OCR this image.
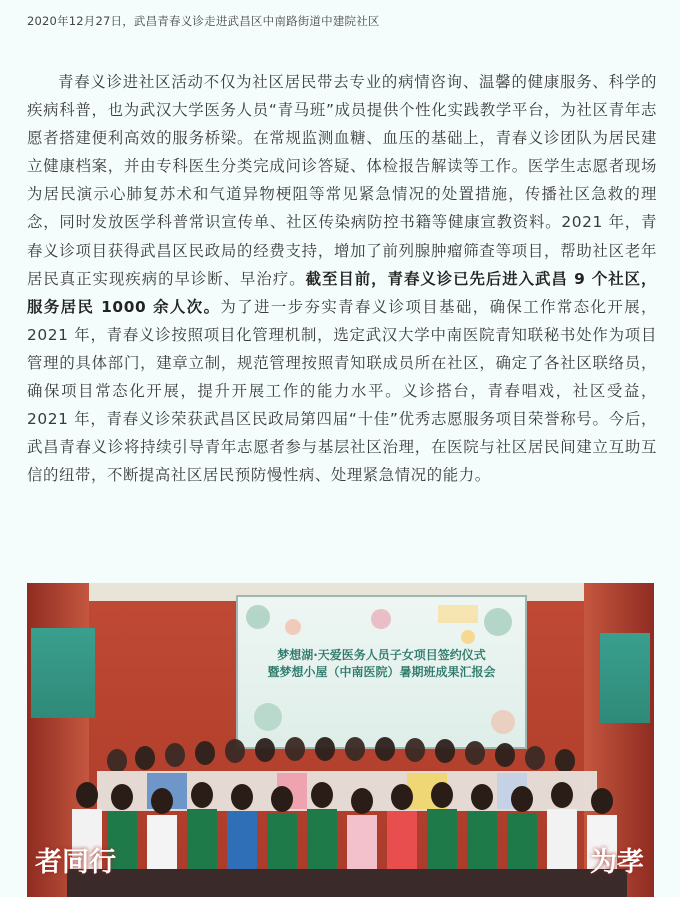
2020年12月27日，武昌青春义诊走进武昌区中南路街道中建院社区

青春义诊进社区活动不仅为社区居民带去专业的病情咨询、温馨的健康服务、科学的疾病科普，也为武汉大学医务人员“青马班”成员提供个性化实践教学平台，为社区青年志愿者搭建便利高效的服务桥梁。在常规监测血糖、血压的基础上，青春义诊团队为居民建立健康档案，并由专科医生分类完成问诊答疑、体检报告解读等工作。医学生志愿者现场为居民演示心肺复苏术和气道异物梗阻等常见紧急情况的处置措施，传播社区急救的理念，同时发放医学科普常识宣传单、社区传染病防控书籍等健康宣教资料。2021 年，青春义诊项目获得武昌区民政局的经费支持，增加了前列腺肿瘤筛查等项目，帮助社区老年居民真正实现疾病的早诊断、早治疗。截至目前，青春义诊已先后进入武昌 9 个社区，服务居民 1000 余人次。为了进一步夯实青春义诊项目基础，确保工作常态化开展，2021 年，青春义诊按照项目化管理机制，选定武汉大学中南医院青知联秘书处作为项目管理的具体部门，建章立制，规范管理按照青知联成员所在社区，确定了各社区联络员，确保项目常态化开展，提升开展工作的能力水平。义诊搭台，青春唱戏，社区受益，2021 年，青春义诊荣获武昌区民政局第四届“十佳”优秀志愿服务项目荣誉称号。今后，武昌青春义诊将持续引导青年志愿者参与基层社区治理，在医院与社区居民间建立互助互信的纽带，不断提高社区居民预防慢性病、处理紧急情况的能力。

梦想湖·天爱医务人员子女项目签约仪式
暨梦想小屋（中南医院）暑期班成果汇报会
者同行	为孝
